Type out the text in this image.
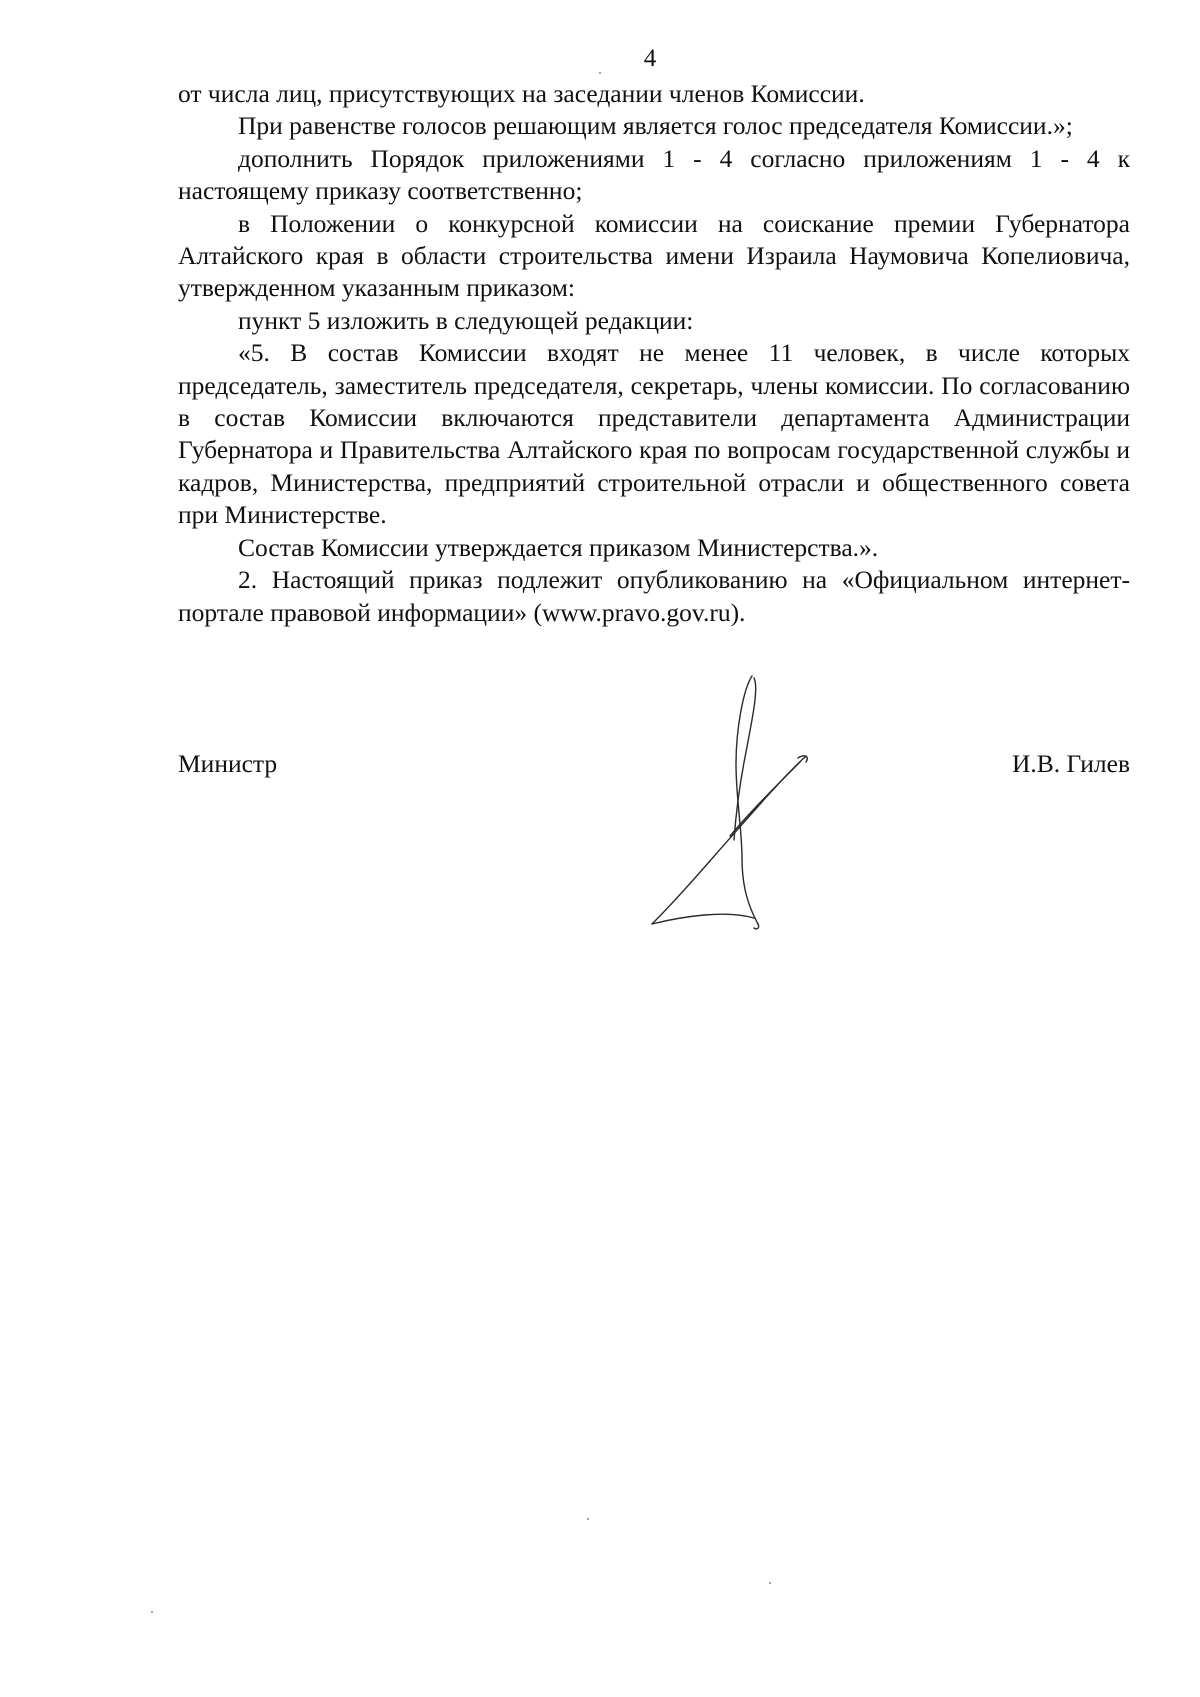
4

от числа лиц, присутствующих на заседании членов Комиссии.

При равенстве голосов решающим является голос председателя Комиссии.»;

дополнить Порядок приложениями 1 - 4 согласно приложениям 1 - 4 к настоящему приказу соответственно;

в Положении о конкурсной комиссии на соискание премии Губернатора Алтайского края в области строительства имени Израила Наумовича Копелиовича, утвержденном указанным приказом:

пункт 5 изложить в следующей редакции:

«5. В состав Комиссии входят не менее 11 человек, в числе которых председатель, заместитель председателя, секретарь, члены комиссии. По согласованию в состав Комиссии включаются представители департамента Администрации Губернатора и Правительства Алтайского края по вопросам государственной службы и кадров, Министерства, предприятий строительной отрасли и общественного совета при Министерстве.

Состав Комиссии утверждается приказом Министерства.».

2. Настоящий приказ подлежит опубликованию на «Официальном интернет-портале правовой информации» (www.pravo.gov.ru).

Министр	И.В. Гилев
